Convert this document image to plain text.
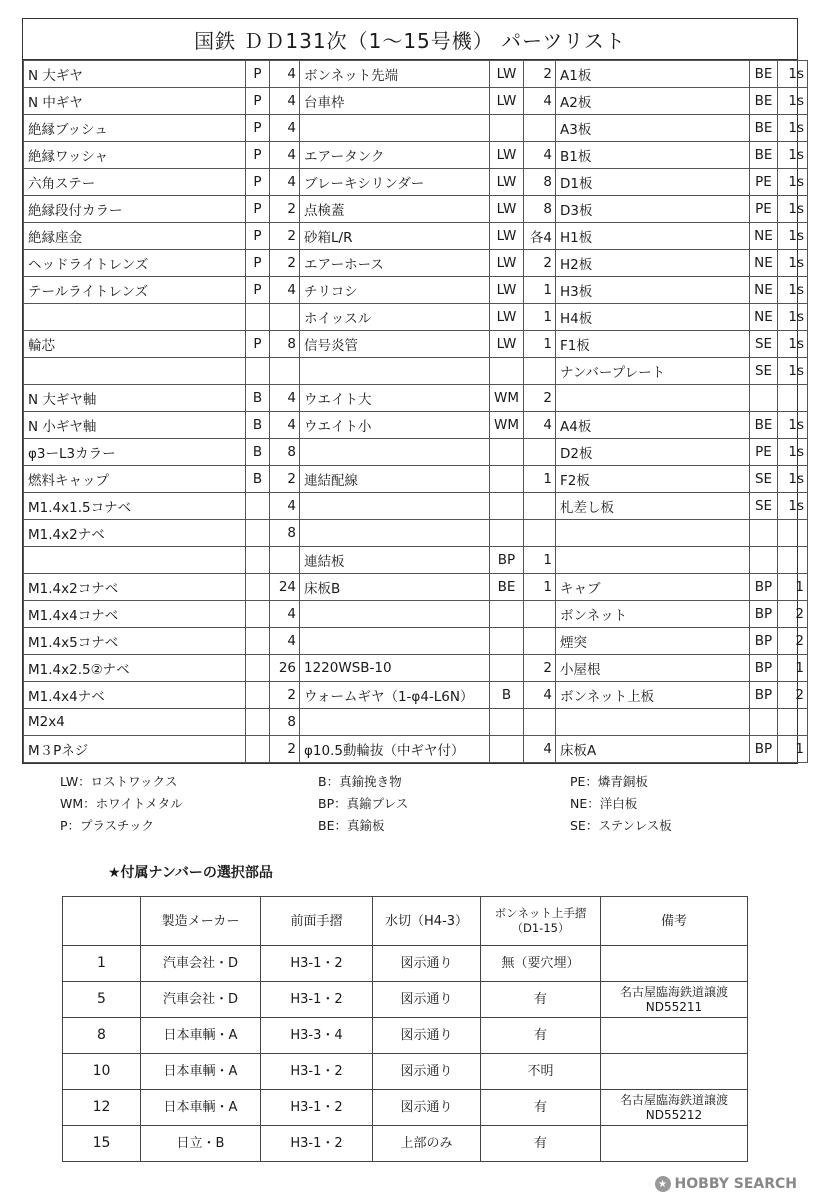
国鉄 ＤＤ131次（1〜15号機） パーツリスト
N 大ギヤ	P	4	ボンネット先端	LW	2	A1板	BE	1s
N 中ギヤ	P	4	台車枠	LW	4	A2板	BE	1s
絶縁ブッシュ	P	4				A3板	BE	1s
絶縁ワッシャ	P	4	エアータンク	LW	4	B1板	BE	1s
六角ステー	P	4	ブレーキシリンダー	LW	8	D1板	PE	1s
絶縁段付カラー	P	2	点検蓋	LW	8	D3板	PE	1s
絶縁座金	P	2	砂箱L/R	LW	各4	H1板	NE	1s
ヘッドライトレンズ	P	2	エアーホース	LW	2	H2板	NE	1s
テールライトレンズ	P	4	チリコシ	LW	1	H3板	NE	1s
			ホイッスル	LW	1	H4板	NE	1s
輪芯	P	8	信号炎管	LW	1	F1板	SE	1s
						ナンバープレート	SE	1s
N 大ギヤ軸	B	4	ウエイト大	WM	2			
N 小ギヤ軸	B	4	ウエイト小	WM	4	A4板	BE	1s
φ3ーL3カラー	B	8				D2板	PE	1s
燃料キャップ	B	2	連結配線		1	F2板	SE	1s
M1.4x1.5コナベ		4				札差し板	SE	1s
M1.4x2ナベ		8						
			連結板	BP	1			
M1.4x2コナベ		24	床板B	BE	1	キャブ	BP	1
M1.4x4コナベ		4				ボンネット	BP	2
M1.4x5コナベ		4				煙突	BP	2
M1.4x2.5②ナベ		26	1220WSB-10		2	小屋根	BP	1
M1.4x4ナベ		2	ウォームギヤ（1-φ4-L6N）	B	4	ボンネット上板	BP	2
M2x4		8						
M３Pネジ		2	φ10.5動輪抜（中ギヤ付）		4	床板A	BP	1
LW：ロストワックス
WM：ホワイトメタル
P：プラスチック
B：真鍮挽き物
BP：真鍮プレス
BE：真鍮板
PE：燐青銅板
NE：洋白板
SE：ステンレス板
★付属ナンバーの選択部品
	製造メーカー	前面手摺	水切（H4-3）	ボンネット上手摺
（D1-15）	備考
1	汽車会社・D	H3-1・2	図示通り	無（要穴埋）	
5	汽車会社・D	H3-1・2	図示通り	有	名古屋臨海鉄道譲渡
ND55211
8	日本車輌・A	H3-3・4	図示通り	有	
10	日本車輌・A	H3-1・2	図示通り	不明	
12	日本車輌・A	H3-1・2	図示通り	有	名古屋臨海鉄道譲渡
ND55212
15	日立・B	H3-1・2	上部のみ	有	
★ HOBBY SEARCH
